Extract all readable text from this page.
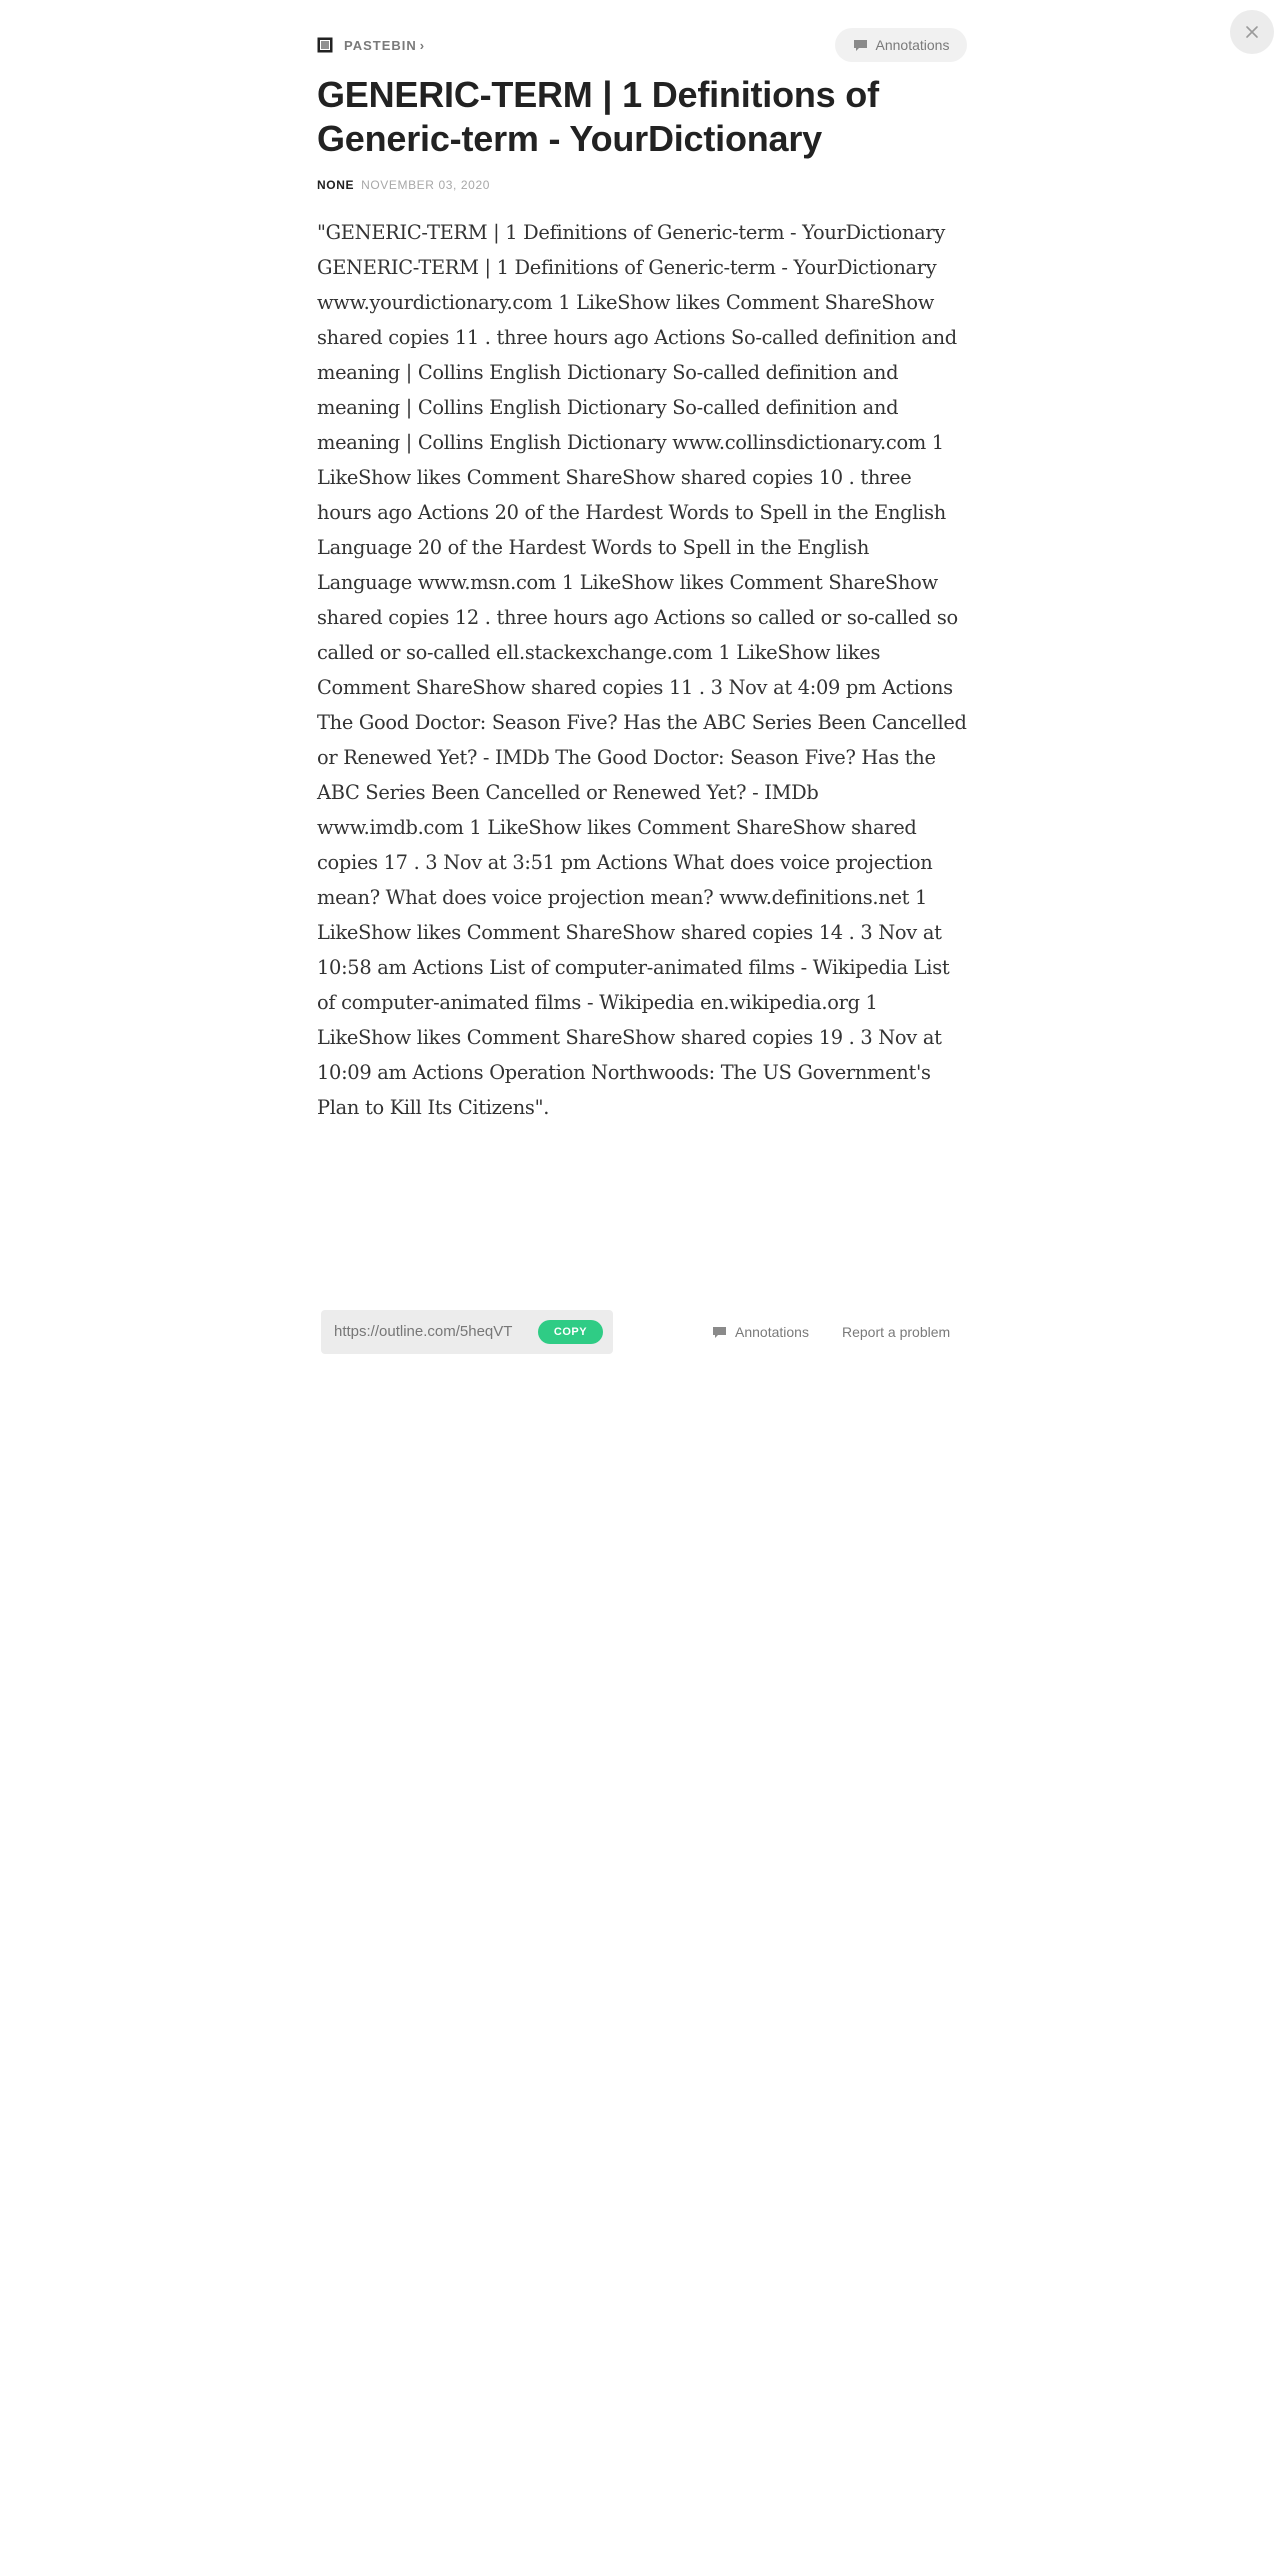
PASTEBIN ›	Annotations
GENERIC-TERM | 1 Definitions of Generic-term - YourDictionary
NONE NOVEMBER 03, 2020
"GENERIC-TERM | 1 Definitions of Generic-term - YourDictionary GENERIC-TERM | 1 Definitions of Generic-term - YourDictionary www.yourdictionary.com 1 LikeShow likes Comment ShareShow shared copies 11 . three hours ago Actions So-called definition and meaning | Collins English Dictionary So-called definition and meaning | Collins English Dictionary So-called definition and meaning | Collins English Dictionary www.collinsdictionary.com 1 LikeShow likes Comment ShareShow shared copies 10 . three hours ago Actions 20 of the Hardest Words to Spell in the English Language 20 of the Hardest Words to Spell in the English Language www.msn.com 1 LikeShow likes Comment ShareShow shared copies 12 . three hours ago Actions so called or so-called so called or so-called ell.stackexchange.com 1 LikeShow likes Comment ShareShow shared copies 11 . 3 Nov at 4:09 pm Actions The Good Doctor: Season Five? Has the ABC Series Been Cancelled or Renewed Yet? - IMDb The Good Doctor: Season Five? Has the ABC Series Been Cancelled or Renewed Yet? - IMDb www.imdb.com 1 LikeShow likes Comment ShareShow shared copies 17 . 3 Nov at 3:51 pm Actions What does voice projection mean? What does voice projection mean? www.definitions.net 1 LikeShow likes Comment ShareShow shared copies 14 . 3 Nov at 10:58 am Actions List of computer-animated films - Wikipedia List of computer-animated films - Wikipedia en.wikipedia.org 1 LikeShow likes Comment ShareShow shared copies 19 . 3 Nov at 10:09 am Actions Operation Northwoods: The US Government's Plan to Kill Its Citizens".
https://outline.com/5heqVT	COPY	Annotations Report a problem
